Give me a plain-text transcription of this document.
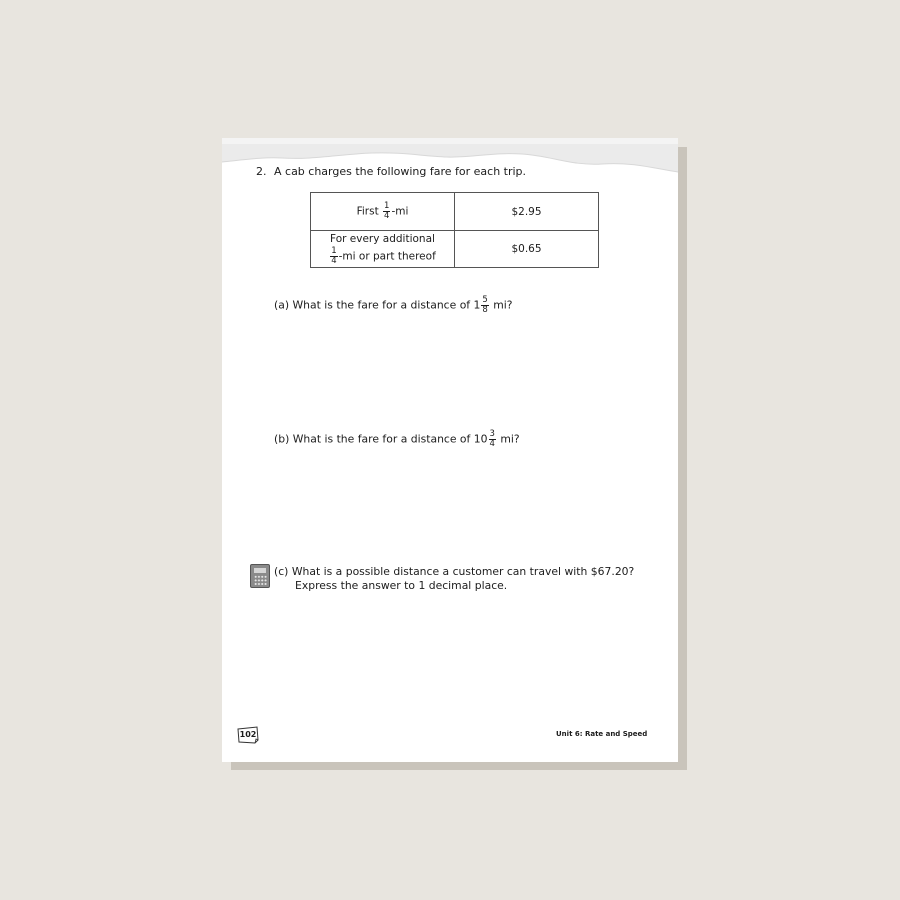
2. A cab charges the following fare for each trip.
First $\frac{1}{4} -mi$	$2.95

For every additional
$\frac{1}{4} -mi$ or part thereof	$0.65
(a) What is the fare for a distance of $1 \frac{5}{8}$ mi?
(b) What is the fare for a distance of $10 \frac{3}{4}$ mi?
(c) What is a possible distance a customer can travel with $67.20?
Express the answer to 1 decimal place.
102	Unit 6: Rate and Speed
